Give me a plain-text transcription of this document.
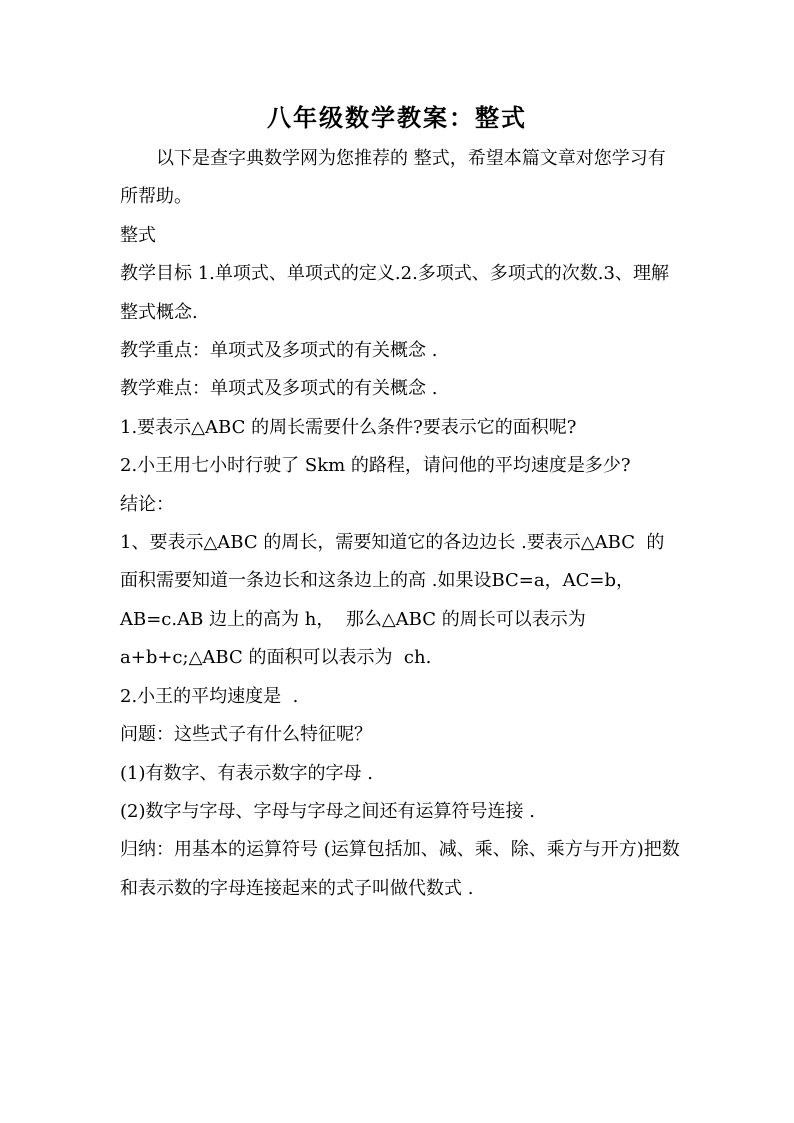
八年级数学教案：整式

以下是查字典数学网为您推荐的 整式，希望本篇文章对您学习有所帮助。

整式

教学目标 1.单项式、单项式的定义.2.多项式、多项式的次数.3、理解整式概念.

教学重点：单项式及多项式的有关概念 .

教学难点：单项式及多项式的有关概念 .

1.要表示△ABC 的周长需要什么条件?要表示它的面积呢?

2.小王用七小时行驶了 Skm 的路程，请问他的平均速度是多少?

结论：

1、要表示△ABC 的周长，需要知道它的各边边长 .要表示△ABC  的面积需要知道一条边长和这条边上的高 .如果设BC=a，AC=b，AB=c.AB 边上的高为 h，  那么△ABC 的周长可以表示为 a+b+c;△ABC 的面积可以表示为  ch.

2.小王的平均速度是  .

问题：这些式子有什么特征呢？

(1)有数字、有表示数字的字母 .

(2)数字与字母、字母与字母之间还有运算符号连接 .

归纳：用基本的运算符号 (运算包括加、减、乘、除、乘方与开方)把数和表示数的字母连接起来的式子叫做代数式 .
